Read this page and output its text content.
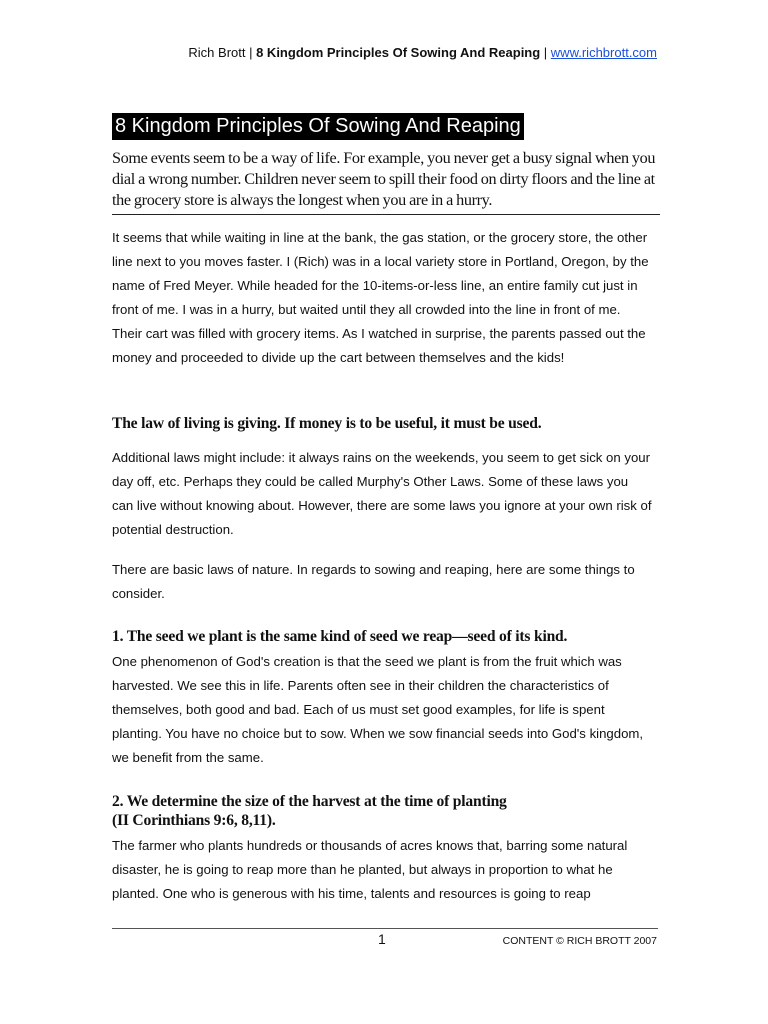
Rich Brott | 8 Kingdom Principles Of Sowing And Reaping | www.richbrott.com
8 Kingdom Principles Of Sowing And Reaping
Some events seem to be a way of life. For example, you never get a busy signal when you dial a wrong number. Children never seem to spill their food on dirty floors and the line at the grocery store is always the longest when you are in a hurry.

It seems that while waiting in line at the bank, the gas station, or the grocery store, the other line next to you moves faster. I (Rich) was in a local variety store in Portland, Oregon, by the name of Fred Meyer. While headed for the 10-items-or-less line, an entire family cut just in front of me. I was in a hurry, but waited until they all crowded into the line in front of me. Their cart was filled with grocery items. As I watched in surprise, the parents passed out the money and proceeded to divide up the cart between themselves and the kids!

The law of living is giving. If money is to be useful, it must be used.

Additional laws might include: it always rains on the weekends, you seem to get sick on your day off, etc. Perhaps they could be called Murphy's Other Laws. Some of these laws you can live without knowing about. However, there are some laws you ignore at your own risk of potential destruction.

There are basic laws of nature. In regards to sowing and reaping, here are some things to consider.

1. The seed we plant is the same kind of seed we reap—seed of its kind.

One phenomenon of God's creation is that the seed we plant is from the fruit which was harvested. We see this in life. Parents often see in their children the characteristics of themselves, both good and bad. Each of us must set good examples, for life is spent planting. You have no choice but to sow. When we sow financial seeds into God's kingdom, we benefit from the same.

2. We determine the size of the harvest at the time of planting

(II Corinthians 9:6, 8,11).

The farmer who plants hundreds or thousands of acres knows that, barring some natural disaster, he is going to reap more than he planted, but always in proportion to what he planted. One who is generous with his time, talents and resources is going to reap

1	CONTENT © RICH BROTT 2007
